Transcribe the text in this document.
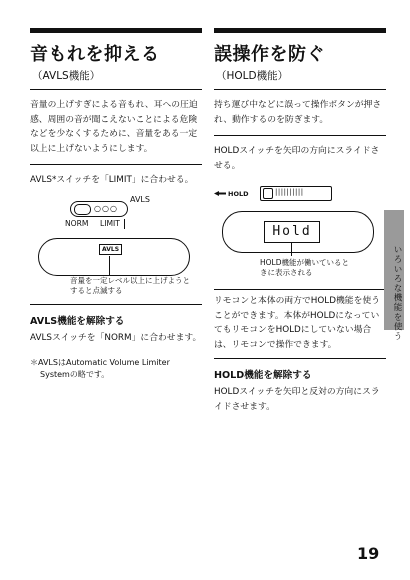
音もれを抑える
（AVLS機能）

音量の上げすぎによる音もれ、耳への圧迫感、周囲の音が聞こえないことによる危険などを少なくするために、音量をある一定以上に上げないようにします。

AVLS*スイッチを「LIMIT」に合わせる。

○○○
AVLS
NORM LIMIT
AVLS
音量を一定レベル以上に上げようとすると点滅する
AVLS機能を解除する

AVLSスイッチを「NORM」に合わせます。

＊AVLSはAutomatic Volume Limiter
Systemの略です。
誤操作を防ぐ
（HOLD機能）

持ち運び中などに誤って操作ボタンが押され、動作するのを防ぎます。

HOLDスイッチを矢印の方向にスライドさせる。

HOLD	||||||||||
Hold
HOLD機能が働いているときに表示される

リモコンと本体の両方でHOLD機能を使うことができます。本体がHOLDになっていてもリモコンをHOLDにしていない場合は、リモコンで操作できます。

HOLD機能を解除する

HOLDスイッチを矢印と反対の方向にスライドさせます。

いろいろな機能を使う
19
